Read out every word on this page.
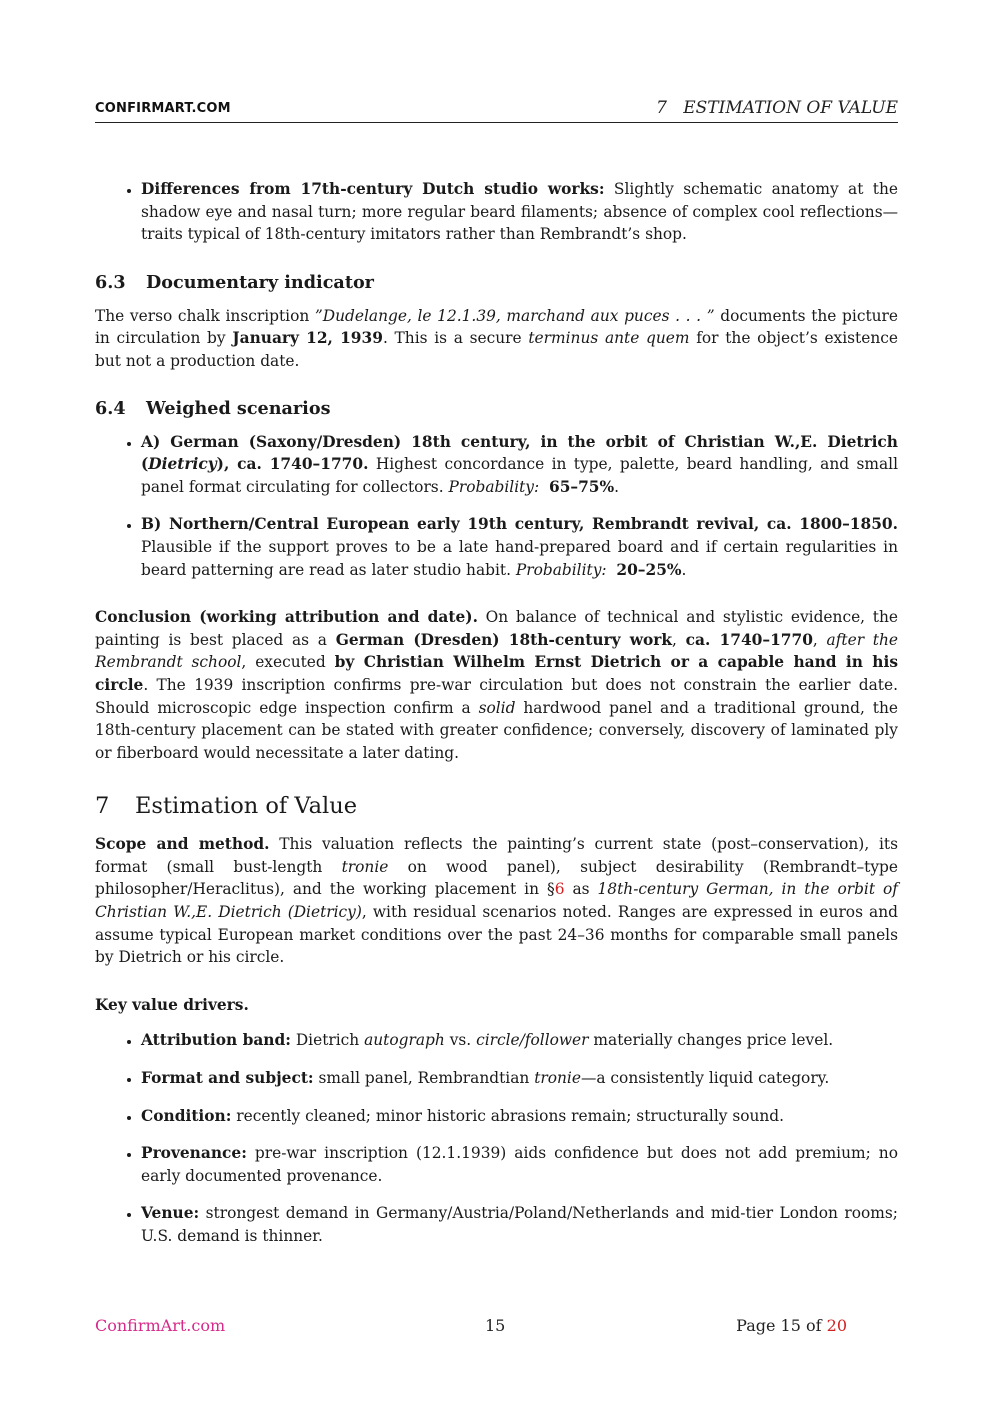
CONFIRMART.COM	7 ESTIMATION OF VALUE
• Differences from 17th-century Dutch studio works: Slightly schematic anatomy at the shadow eye and nasal turn; more regular beard filaments; absence of complex cool reflections—traits typical of 18th-century imitators rather than Rembrandt’s shop.
6.3 Documentary indicator

The verso chalk inscription ”Dudelange, le 12.1.39, marchand aux puces . . . ” documents the picture in circulation by January 12, 1939. This is a secure terminus ante quem for the object’s existence but not a production date.

6.4 Weighed scenarios
• A) German (Saxony/Dresden) 18th century, in the orbit of Christian W.,E. Dietrich (Dietricy), ca. 1740–1770. Highest concordance in type, palette, beard handling, and small panel format circulating for collectors. Probability: 65–75%.
• B) Northern/Central European early 19th century, Rembrandt revival, ca. 1800–1850. Plausible if the support proves to be a late hand-prepared board and if certain regularities in beard patterning are read as later studio habit. Probability: 20–25%.

Conclusion (working attribution and date). On balance of technical and stylistic evidence, the painting is best placed as a German (Dresden) 18th-century work, ca. 1740–1770, after the Rembrandt school, executed by Christian Wilhelm Ernst Dietrich or a capable hand in his circle. The 1939 inscription confirms pre-war circulation but does not constrain the earlier date. Should microscopic edge inspection confirm a solid hardwood panel and a traditional ground, the 18th-century placement can be stated with greater confidence; conversely, discovery of laminated ply or fiberboard would necessitate a later dating.

7 Estimation of Value

Scope and method. This valuation reflects the painting’s current state (post–conservation), its format (small bust-length tronie on wood panel), subject desirability (Rembrandt–type philosopher/Heraclitus), and the working placement in §6 as 18th-century German, in the orbit of Christian W.,E. Dietrich (Dietricy), with residual scenarios noted. Ranges are expressed in euros and assume typical European market conditions over the past 24–36 months for comparable small panels by Dietrich or his circle.

Key value drivers.

• Attribution band: Dietrich autograph vs. circle/follower materially changes price level.
• Format and subject: small panel, Rembrandtian tronie—a consistently liquid category.
• Condition: recently cleaned; minor historic abrasions remain; structurally sound.
• Provenance: pre-war inscription (12.1.1939) aids confidence but does not add premium; no early documented provenance.
• Venue: strongest demand in Germany/Austria/Poland/Netherlands and mid-tier London rooms; U.S. demand is thinner.
ConfirmArt.com	15	Page 15 of 20
